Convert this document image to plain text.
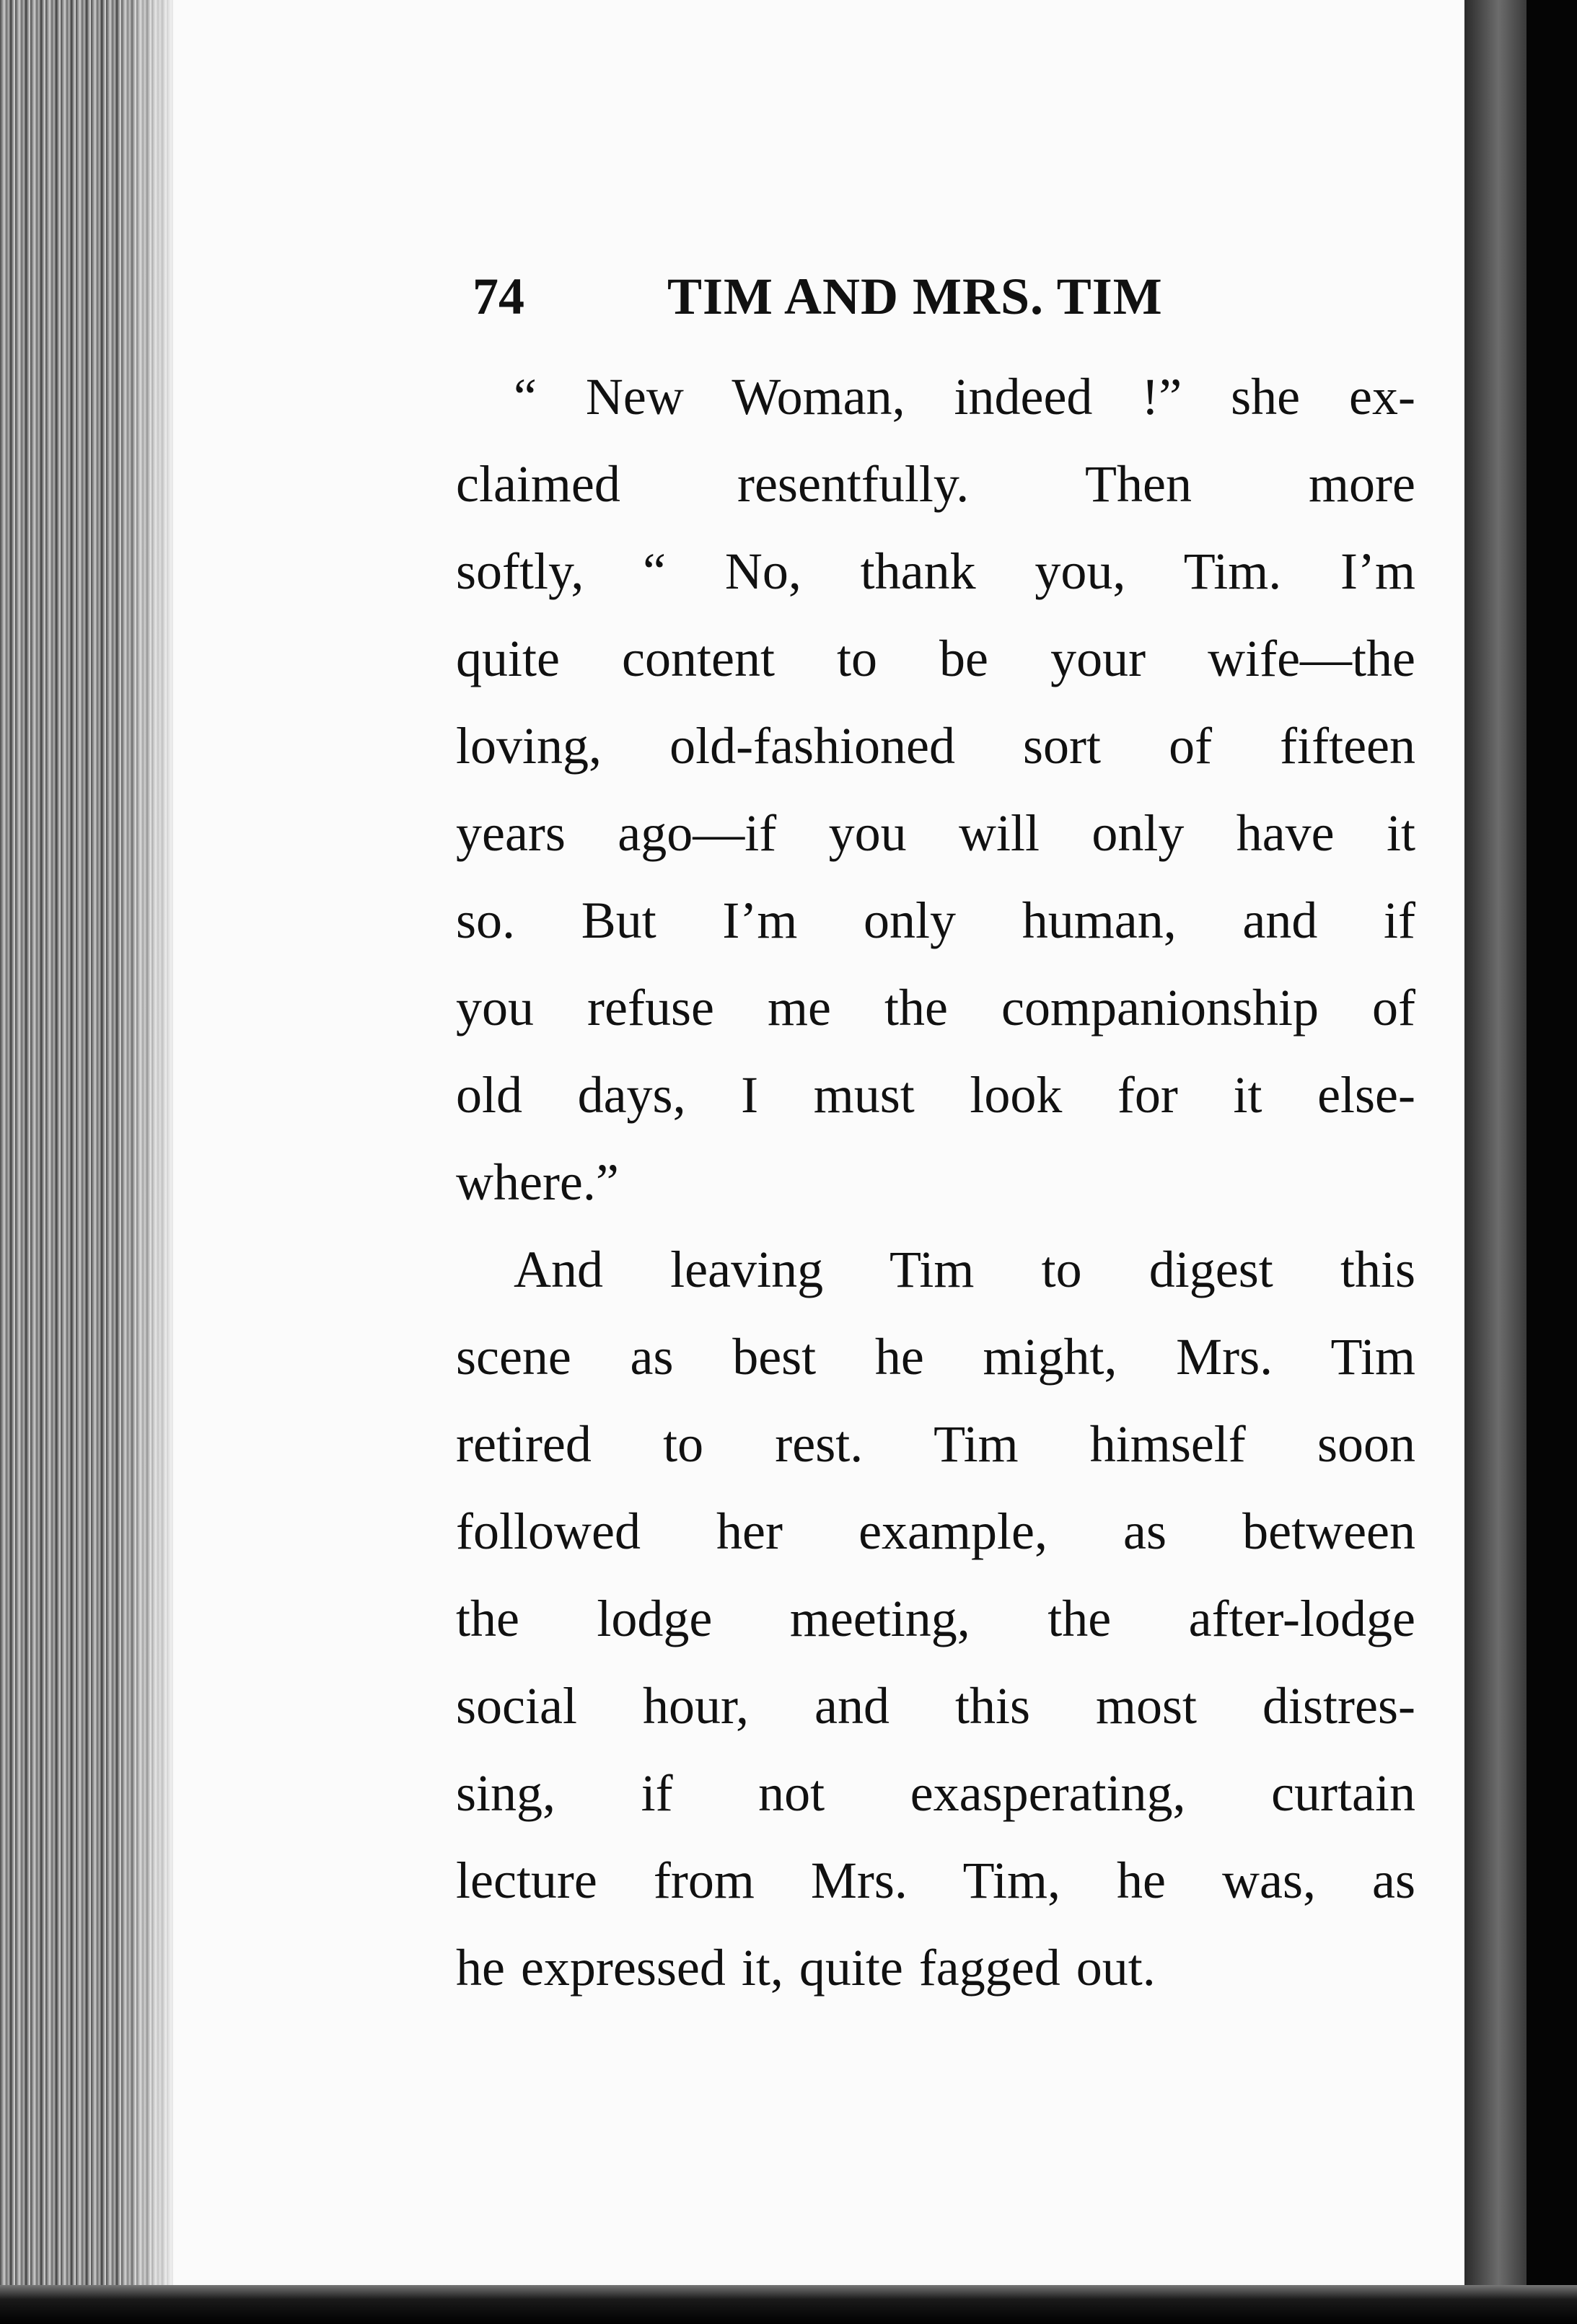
74	TIM AND MRS. TIM
“ New Woman, indeed !” she ex-
claimed resentfully. Then more
softly, “ No, thank you, Tim. I’m
quite content to be your wife—the
loving, old-fashioned sort of fifteen
years ago—if you will only have it
so. But I’m only human, and if
you refuse me the companionship of
old days, I must look for it else-
where.”
And leaving Tim to digest this
scene as best he might, Mrs. Tim
retired to rest. Tim himself soon
followed her example, as between
the lodge meeting, the after-lodge
social hour, and this most distres-
sing, if not exasperating, curtain
lecture from Mrs. Tim, he was, as
he expressed it, quite fagged out.
